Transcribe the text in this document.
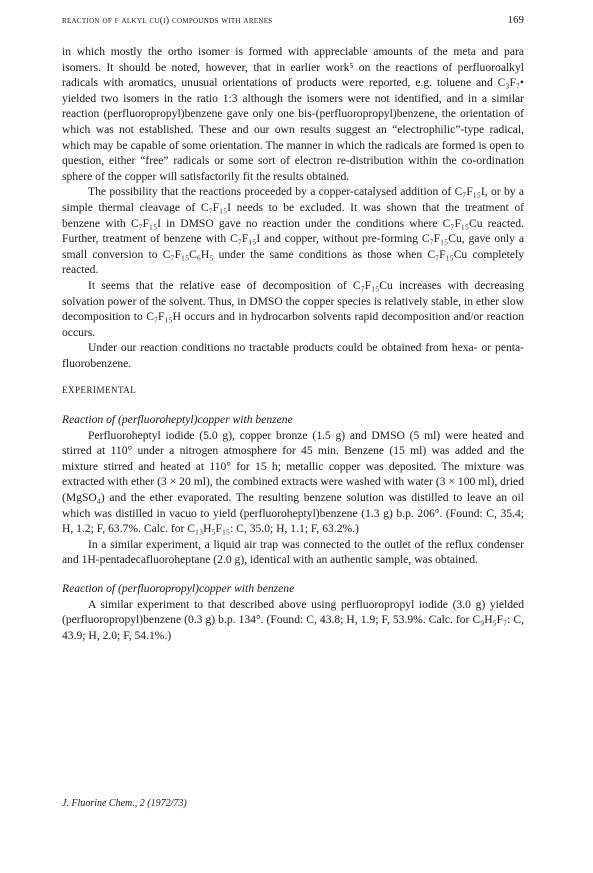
reaction of f alkyl cu(i) compounds with arenes	169

in which mostly the ortho isomer is formed with appreciable amounts of the meta and para isomers. It should be noted, however, that in earlier work⁵ on the reactions of perfluoroalkyl radicals with aromatics, unusual orientations of products were reported, e.g. toluene and C₃F₇• yielded two isomers in the ratio 1:3 although the isomers were not identified, and in a similar reaction (perfluoropropyl)benzene gave only one bis-(perfluoropropyl)benzene, the orientation of which was not established. These and our own results suggest an “electrophilic”-type radical, which may be capable of some orientation. The manner in which the radicals are formed is open to question, either “free” radicals or some sort of electron re-distribution within the co-ordination sphere of the copper will satisfactorily fit the results obtained.

The possibility that the reactions proceeded by a copper-catalysed addition of C₇F₁₅I, or by a simple thermal cleavage of C₇F₁₅I needs to be excluded. It was shown that the treatment of benzene with C₇F₁₅I in DMSO gave no reaction under the conditions where C₇F₁₅Cu reacted. Further, treatment of benzene with C₇F₁₅I and copper, without pre-forming C₇F₁₅Cu, gave only a small conversion to C₇F₁₅C₆H₅ under the same conditions as those when C₇F₁₅Cu completely reacted.

It seems that the relative ease of decomposition of C₇F₁₅Cu increases with decreasing solvation power of the solvent. Thus, in DMSO the copper species is relatively stable, in ether slow decomposition to C₇F₁₅H occurs and in hydrocarbon solvents rapid decomposition and/or reaction occurs.

Under our reaction conditions no tractable products could be obtained from hexa- or penta-fluorobenzene.

EXPERIMENTAL

Reaction of (perfluoroheptyl)copper with benzene

Perfluoroheptyl iodide (5.0 g), copper bronze (1.5 g) and DMSO (5 ml) were heated and stirred at 110° under a nitrogen atmosphere for 45 min. Benzene (15 ml) was added and the mixture stirred and heated at 110° for 15 h; metallic copper was deposited. The mixture was extracted with ether (3 × 20 ml), the combined extracts were washed with water (3 × 100 ml), dried (MgSO₄) and the ether evaporated. The resulting benzene solution was distilled to leave an oil which was distilled in vacuo to yield (perfluoroheptyl)benzene (1.3 g) b.p. 206°. (Found: C, 35.4; H, 1.2; F, 63.7%. Calc. for C₁₃H₅F₁₅: C, 35.0; H, 1.1; F, 63.2%.)

In a similar experiment, a liquid air trap was connected to the outlet of the reflux condenser and 1H-pentadecafluoroheptane (2.0 g), identical with an authentic sample, was obtained.

Reaction of (perfluoropropyl)copper with benzene

A similar experiment to that described above using perfluoropropyl iodide (3.0 g) yielded (perfluoropropyl)benzene (0.3 g) b.p. 134°. (Found: C, 43.8; H, 1.9; F, 53.9%. Calc. for C₉H₅F₇: C, 43.9; H, 2.0; F, 54.1%.)

J. Fluorine Chem., 2 (1972/73)
